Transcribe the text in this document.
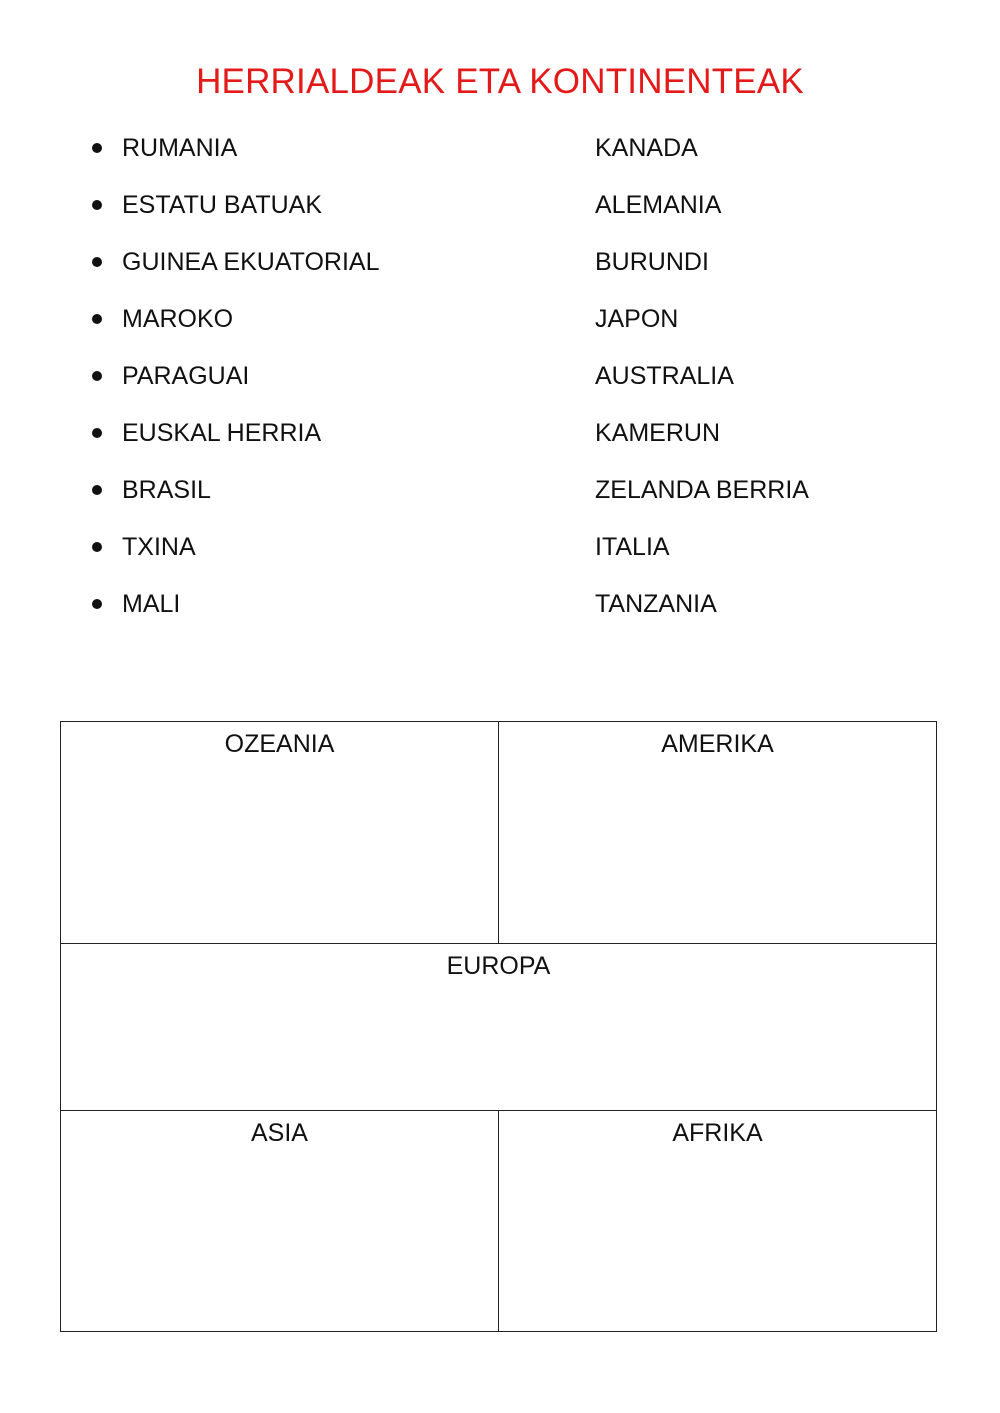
HERRIALDEAK ETA KONTINENTEAK
RUMANIA
ESTATU BATUAK
GUINEA EKUATORIAL
MAROKO
PARAGUAI
EUSKAL HERRIA
BRASIL
TXINA
MALI
KANADA
ALEMANIA
BURUNDI
JAPON
AUSTRALIA
KAMERUN
ZELANDA BERRIA
ITALIA
TANZANIA
OZEANIA	AMERIKA
EUROPA
ASIA	AFRIKA
